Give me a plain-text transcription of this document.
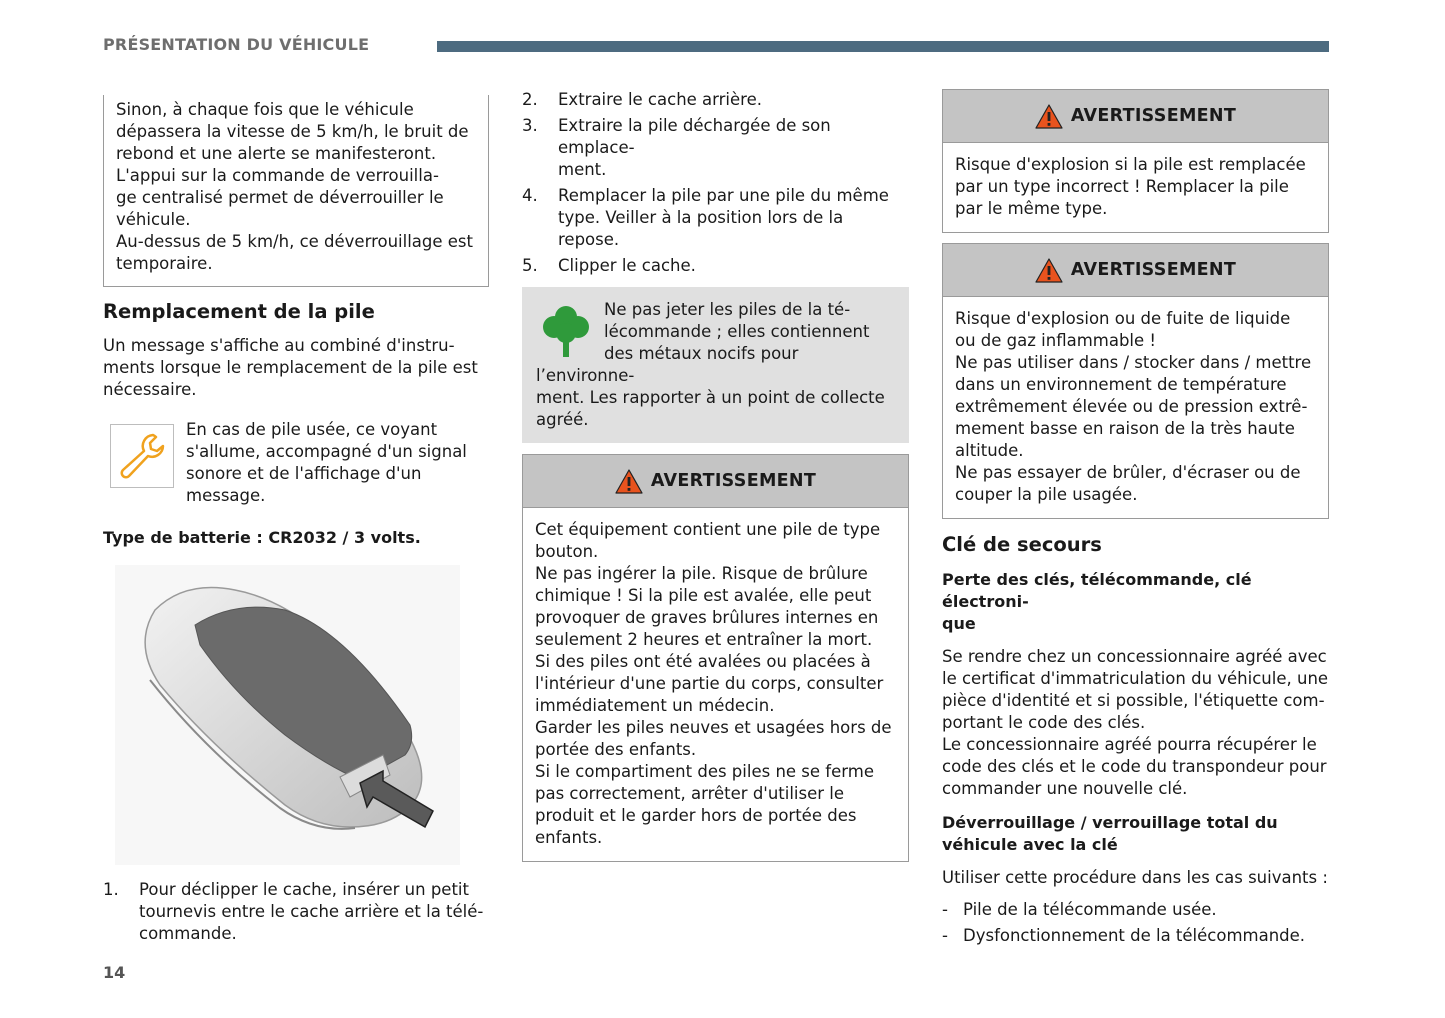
PRÉSENTATION DU VÉHICULE

Sinon, à chaque fois que le véhicule

dépassera la vitesse de 5 km/h, le bruit de

rebond et une alerte se manifesteront.

L'appui sur la commande de verrouilla-

ge centralisé permet de déverrouiller le

véhicule.

Au-dessus de 5 km/h, ce déverrouillage est

temporaire.

Remplacement de la pile

Un message s'affiche au combiné d'instru-

ments lorsque le remplacement de la pile est

nécessaire.

En cas de pile usée, ce voyant

s'allume, accompagné d'un signal

sonore et de l'affichage d'un

message.

Type de batterie : CR2032 / 3 volts.
1.	Pour déclipper le cache, insérer un petit

tournevis entre le cache arrière et la télé-

commande.

2.	Extraire le cache arrière.

3.	Extraire la pile déchargée de son emplace-

ment.

4.	Remplacer la pile par une pile du même

type. Veiller à la position lors de la repose.

5.	Clipper le cache.

Ne pas jeter les piles de la té-

lécommande ; elles contiennent

des métaux nocifs pour l’environne-

ment. Les rapporter à un point de collecte

agréé.

AVERTISSEMENT

Cet équipement contient une pile de type

bouton.

Ne pas ingérer la pile. Risque de brûlure

chimique ! Si la pile est avalée, elle peut

provoquer de graves brûlures internes en

seulement 2 heures et entraîner la mort.

Si des piles ont été avalées ou placées à

l'intérieur d'une partie du corps, consulter

immédiatement un médecin.

Garder les piles neuves et usagées hors de

portée des enfants.

Si le compartiment des piles ne se ferme

pas correctement, arrêter d'utiliser le

produit et le garder hors de portée des

enfants.

AVERTISSEMENT

Risque d'explosion si la pile est remplacée

par un type incorrect ! Remplacer la pile

par le même type.

AVERTISSEMENT

Risque d'explosion ou de fuite de liquide

ou de gaz inflammable !

Ne pas utiliser dans / stocker dans / mettre

dans un environnement de température

extrêmement élevée ou de pression extrê-

mement basse en raison de la très haute

altitude.

Ne pas essayer de brûler, d'écraser ou de

couper la pile usagée.

Clé de secours
Perte des clés, télécommande, clé électroni-
que

Se rendre chez un concessionnaire agréé avec

le certificat d'immatriculation du véhicule, une

pièce d'identité et si possible, l'étiquette com-

portant le code des clés.

Le concessionnaire agréé pourra récupérer le

code des clés et le code du transpondeur pour

commander une nouvelle clé.

Déverrouillage / verrouillage total du
véhicule avec la clé

Utiliser cette procédure dans les cas suivants :

- Pile de la télécommande usée.
- Dysfonctionnement de la télécommande.
14
